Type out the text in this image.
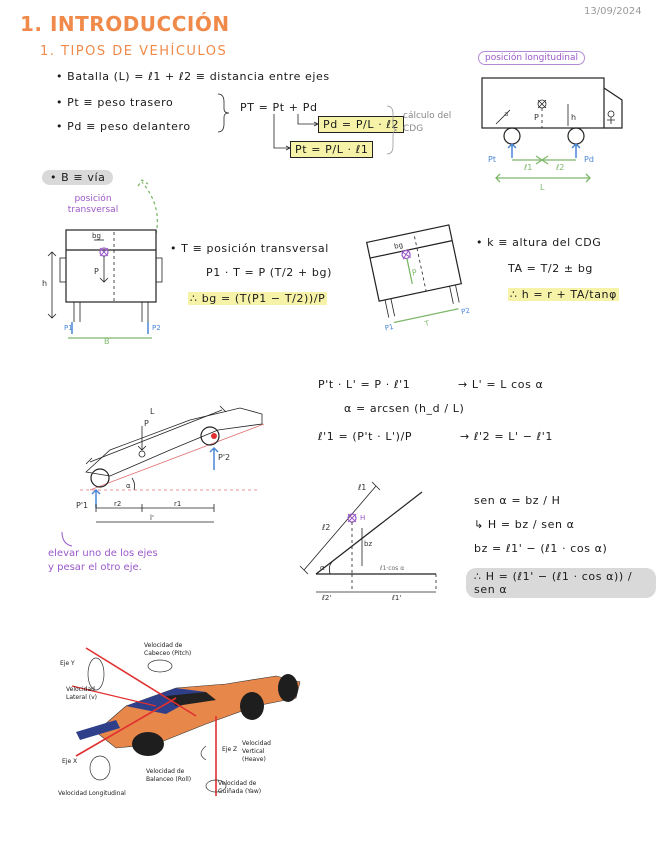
13/09/2024
1. INTRODUCCIÓN
1. TIPOS DE VEHÍCULOS
• Batalla (L) = ℓ1 + ℓ2 ≡ distancia entre ejes
• Pt ≡ peso trasero
• Pd ≡ peso delantero
PT = Pt + Pd
Pd = P/L · ℓ2
Pt = P/L · ℓ1
cálculo del CDG
posición longitudinal
a	P	h
Pt	Pd
ℓ1	ℓ2
L
• B ≡ vía
posición transversal
bg
P
h
P1	P2
B
• T ≡ posición transversal
P1 · T = P (T/2 + bg)
∴ bg = (T(P1 − T/2))/P
bg
P
P1
P2
T
• k ≡ altura del CDG
TA = T/2 ± bg
∴ h = r + TA/tanφ
L
P
P'1
P'2
α
r2	r1
l'
elevar uno de los ejes
y pesar el otro eje.
P't · L' = P · ℓ'1	→ L' = L cos α
α = arcsen (h_d / L)
ℓ'1 = (P't · L')/P	→ ℓ'2 = L' − ℓ'1
ℓ2
ℓ1
H
bz
α
ℓ2'	ℓ1'
ℓ1·cos α
sen α = bz / H
↳ H = bz / sen α
bz = ℓ1' − (ℓ1 · cos α)
∴ H = (ℓ1' − (ℓ1 · cos α)) / sen α
Eje Y
Eje X
Eje Z
Velocidad de Cabeceo (Pitch)
Velocidad Lateral (v)
Velocidad Longitudinal
Velocidad de Balanceo (Roll)
Velocidad de Guiñada (Yaw)
Velocidad Vertical (Heave)
